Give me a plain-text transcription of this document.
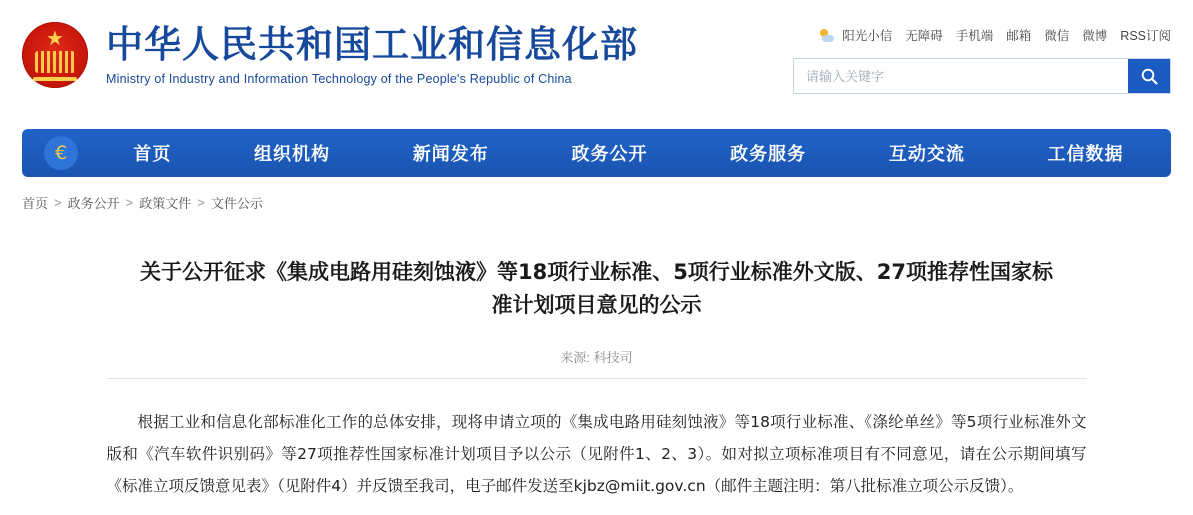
★ 中华人民共和国工业和信息化部
Ministry of Industry and Information Technology of the People's Republic of China
阳光小信 无障碍 手机端 邮箱 微信 微博 RSS订阅
请输入关键字
€	首页	组织机构	新闻发布	政务公开	政务服务	互动交流	工信数据
首页 > 政务公开 > 政策文件 > 文件公示
关于公开征求《集成电路用硅刻蚀液》等18项行业标准、5项行业标准外文版、27项推荐性国家标准计划项目意见的公示
来源: 科技司

根据工业和信息化部标准化工作的总体安排，现将申请立项的《集成电路用硅刻蚀液》等18项行业标准、《涤纶单丝》等5项行业标准外文版和《汽车软件识别码》等27项推荐性国家标准计划项目予以公示（见附件1、2、3）。如对拟立项标准项目有不同意见，请在公示期间填写《标准立项反馈意见表》（见附件4）并反馈至我司，电子邮件发送至kjbz@miit.gov.cn（邮件主题注明：第八批标准立项公示反馈）。
